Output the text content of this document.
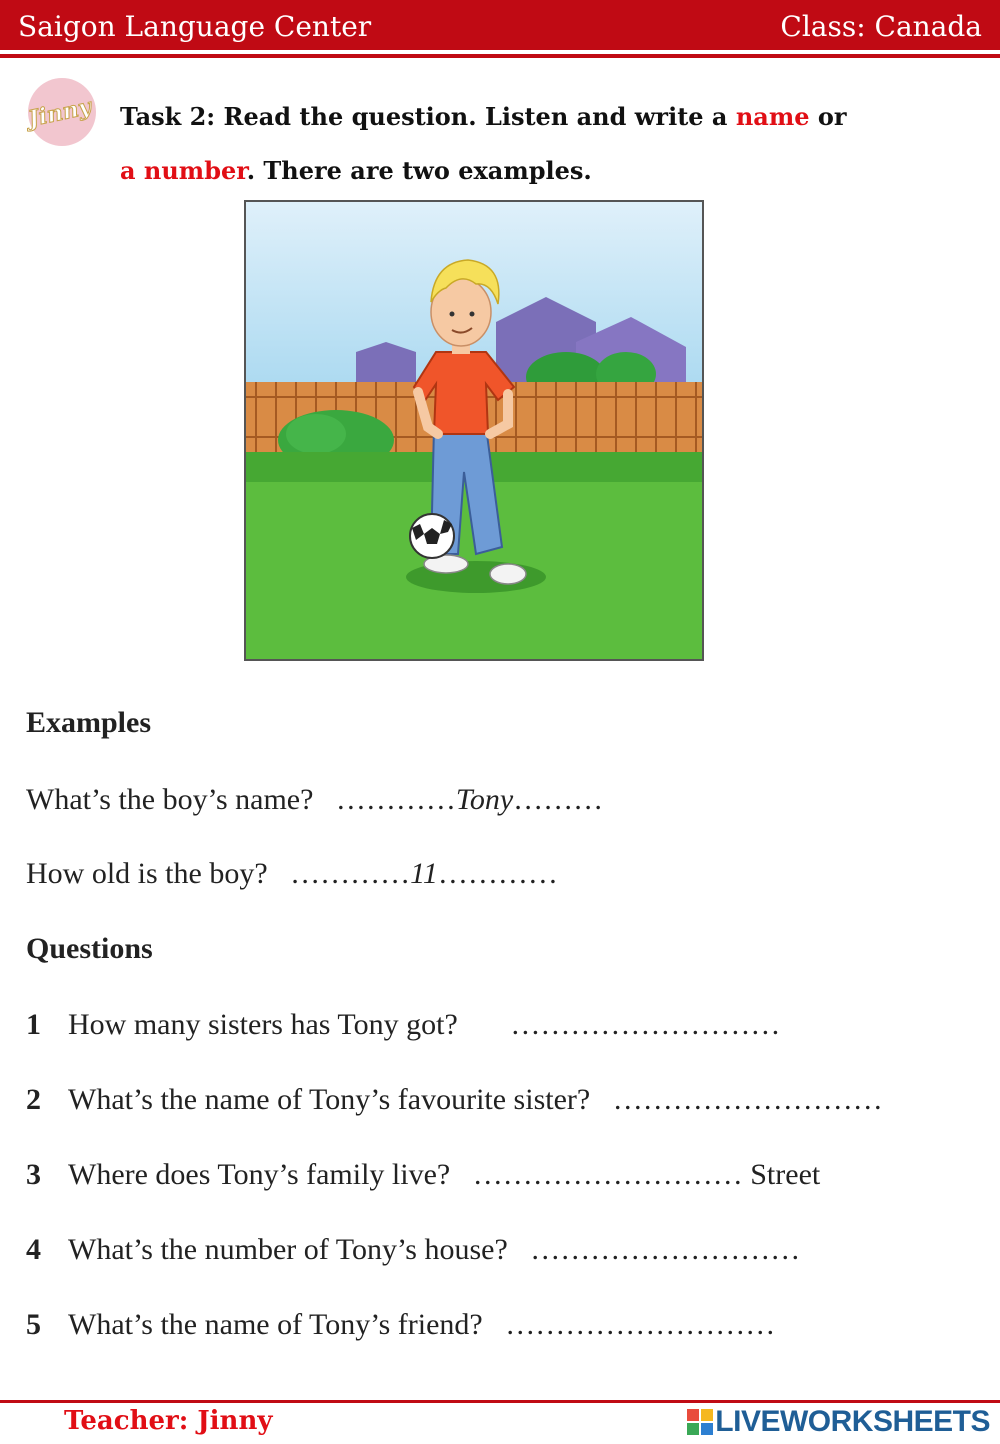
Saigon Language Center	Class: Canada
Jinny Task 2: Read the question. Listen and write a name or
a number. There are two examples.
Examples
What’s the boy’s name? …………Tony………
How old is the boy? …………11…………
Questions
1 How many sisters has Tony got? ………………………
2 What’s the name of Tony’s favourite sister? ………………………
3 Where does Tony’s family live? ……………………… Street
4 What’s the number of Tony’s house? ………………………
5 What’s the name of Tony’s friend? ………………………
Teacher: Jinny	LIVEWORKSHEETS
